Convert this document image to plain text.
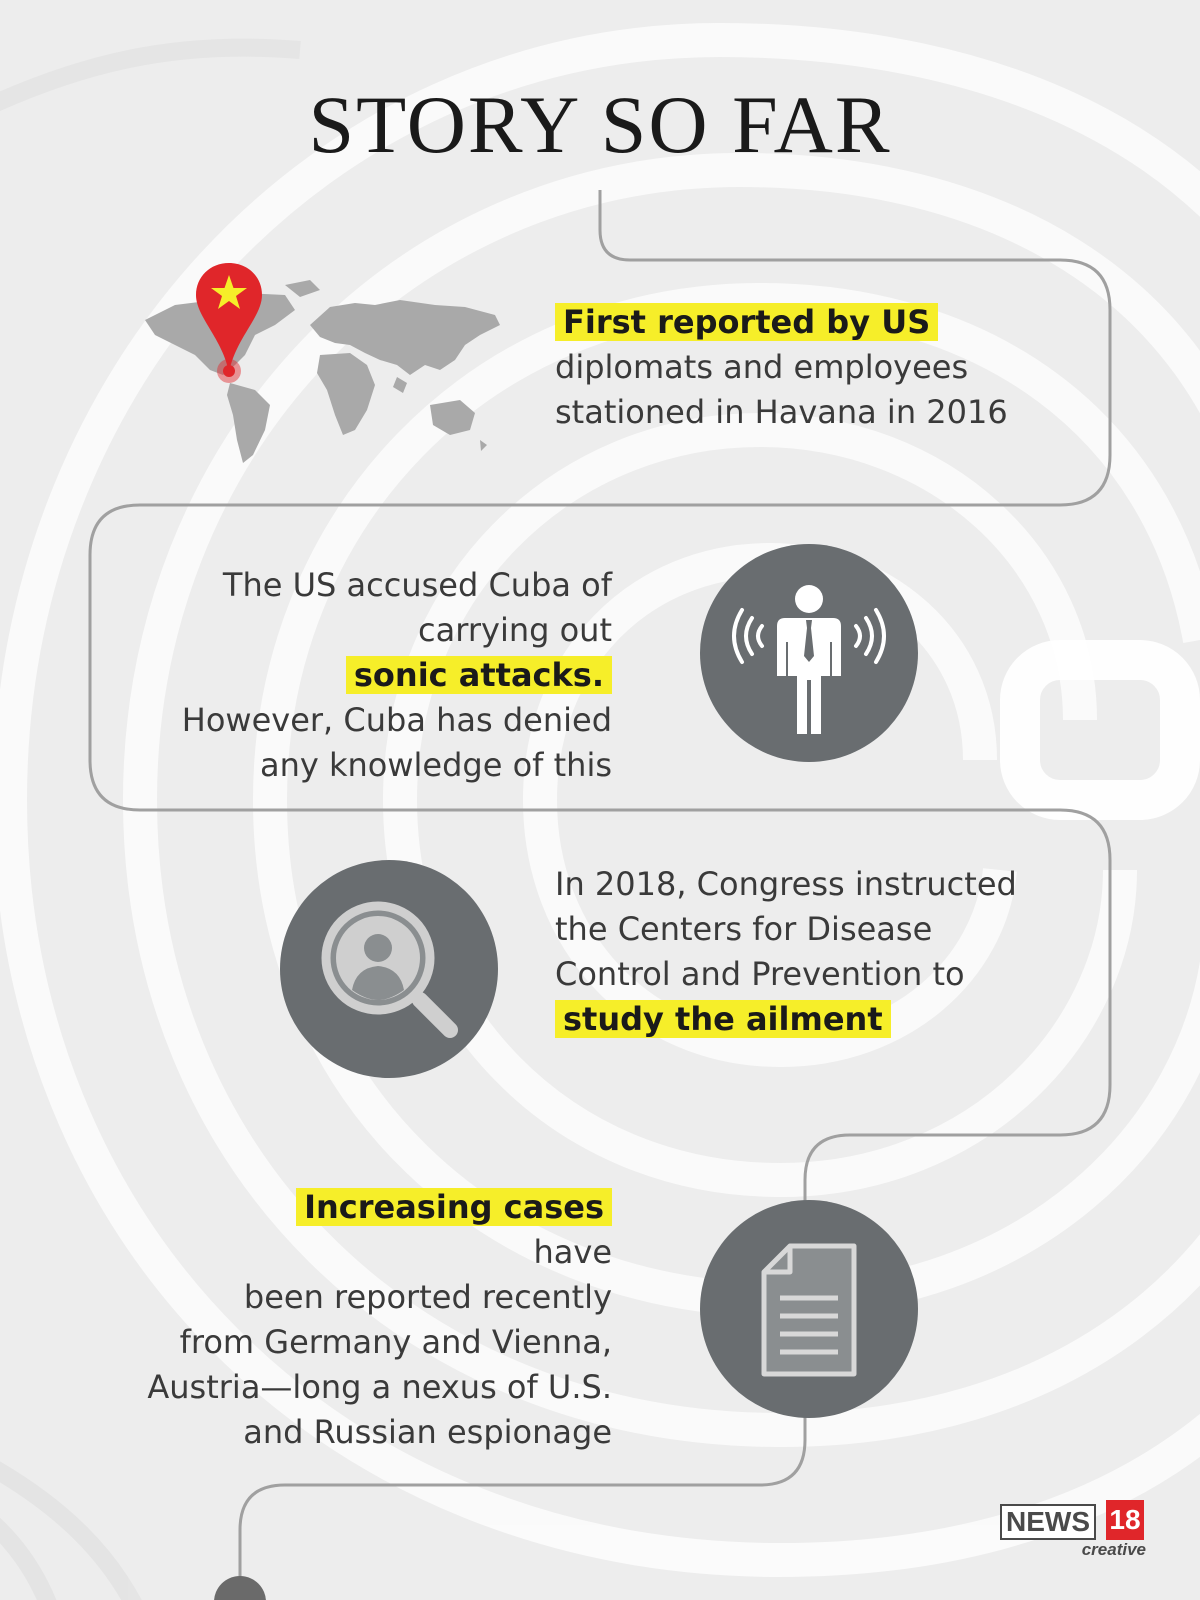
STORY SO FAR
First reported by US
diplomats and employees
stationed in Havana in 2016
The US accused Cuba of
carrying out
sonic attacks.
However, Cuba has denied
any knowledge of this
In 2018, Congress instructed
the Centers for Disease
Control and Prevention to
study the ailment
Increasing cases
have
been reported recently
from Germany and Vienna,
Austria—long a nexus of U.S.
and Russian espionage
NEWS 18
creative
